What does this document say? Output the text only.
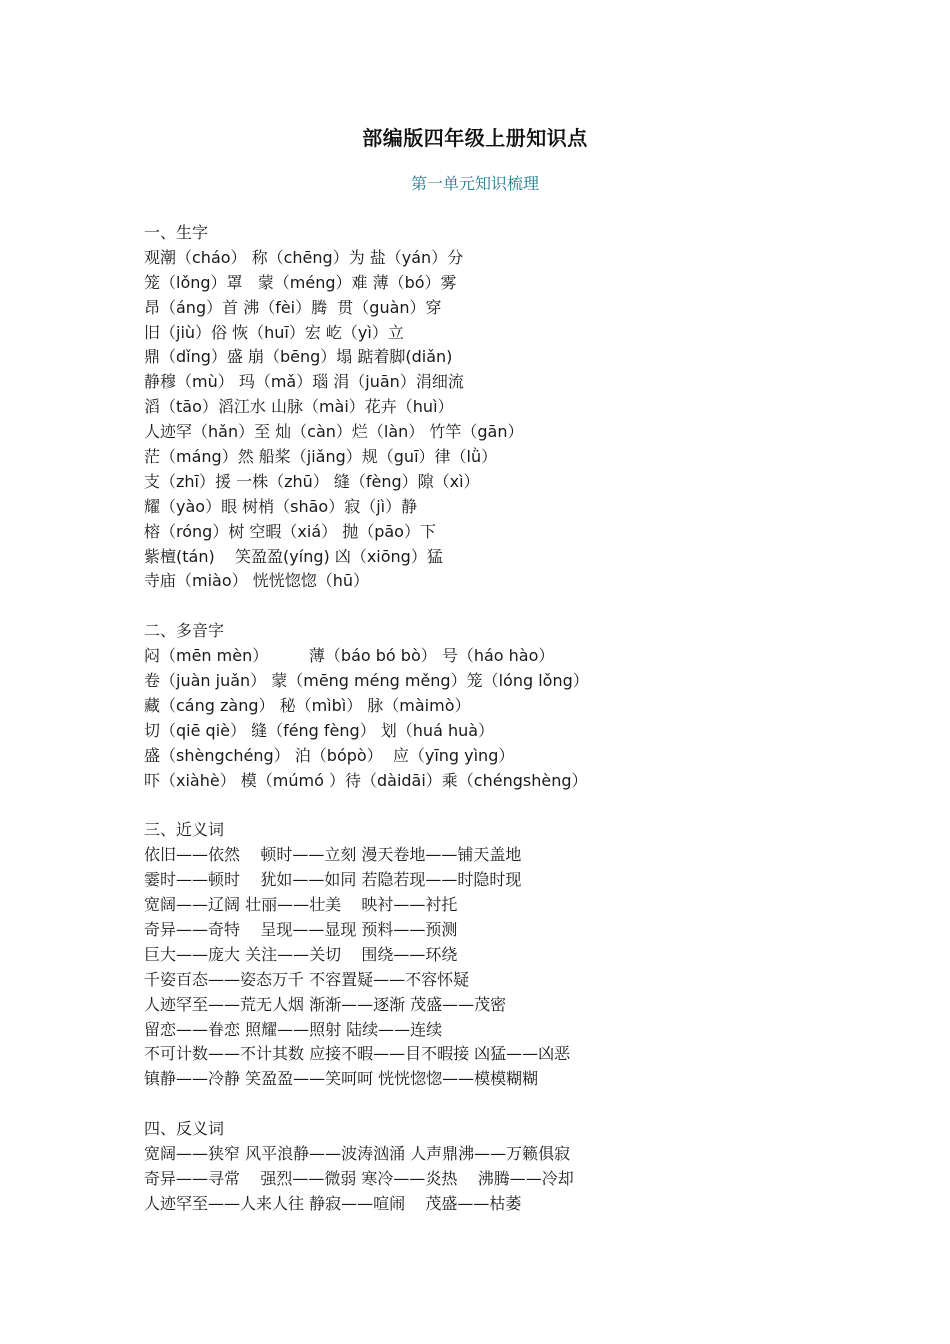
部编版四年级上册知识点
第一单元知识梳理
一、生字
观潮（cháo） 称（chēng）为 盐（yán）分
笼（lǒng）罩   蒙（méng）难 薄（bó）雾
昂（áng）首 沸（fèi）腾  贯（guàn）穿
旧（jiù）俗 恢（huī）宏 屹（yì）立
鼎（dǐng）盛 崩（bēng）塌 踮着脚(diǎn)
静穆（mù） 玛（mǎ）瑙 涓（juān）涓细流
滔（tāo）滔江水 山脉（mài）花卉（huì）
人迹罕（hǎn）至 灿（càn）烂（làn） 竹竿（gān）
茫（máng）然 船桨（jiǎng）规（guī）律（lǜ）
支（zhī）援 一株（zhū） 缝（fèng）隙（xì）
耀（yào）眼 树梢（shāo）寂（jì）静
榕（róng）树 空暇（xiá） 抛（pāo）下
紫檀(tán)    笑盈盈(yíng) 凶（xiōng）猛
寺庙（miào） 恍恍惚惚（hū）
二、多音字
闷（mēn mèn）        薄（báo bó bò） 号（háo hào）
卷（juàn juǎn） 蒙（mēng méng měng）笼（lóng lǒng）
藏（cáng zàng） 秘（mìbì） 脉（màimò）
切（qiē qiè） 缝（féng fèng） 划（huá huà）
盛（shèngchéng） 泊（bópò）  应（yīng yìng）
吓（xiàhè） 模（múmó ）待（dàidāi）乘（chéngshèng）
三、近义词
依旧——依然    顿时——立刻 漫天卷地——铺天盖地
霎时——顿时    犹如——如同 若隐若现——时隐时现
宽阔——辽阔 壮丽——壮美    映衬——衬托
奇异——奇特    呈现——显现 预料——预测
巨大——庞大 关注——关切    围绕——环绕
千姿百态——姿态万千 不容置疑——不容怀疑
人迹罕至——荒无人烟 渐渐——逐渐 茂盛——茂密
留恋——眷恋 照耀——照射 陆续——连续
不可计数——不计其数 应接不暇——目不暇接 凶猛——凶恶
镇静——冷静 笑盈盈——笑呵呵 恍恍惚惚——模模糊糊
四、反义词
宽阔——狭窄 风平浪静——波涛汹涌 人声鼎沸——万籁俱寂
奇异——寻常    强烈——微弱 寒冷——炎热    沸腾——冷却
人迹罕至——人来人往 静寂——喧闹    茂盛——枯萎
